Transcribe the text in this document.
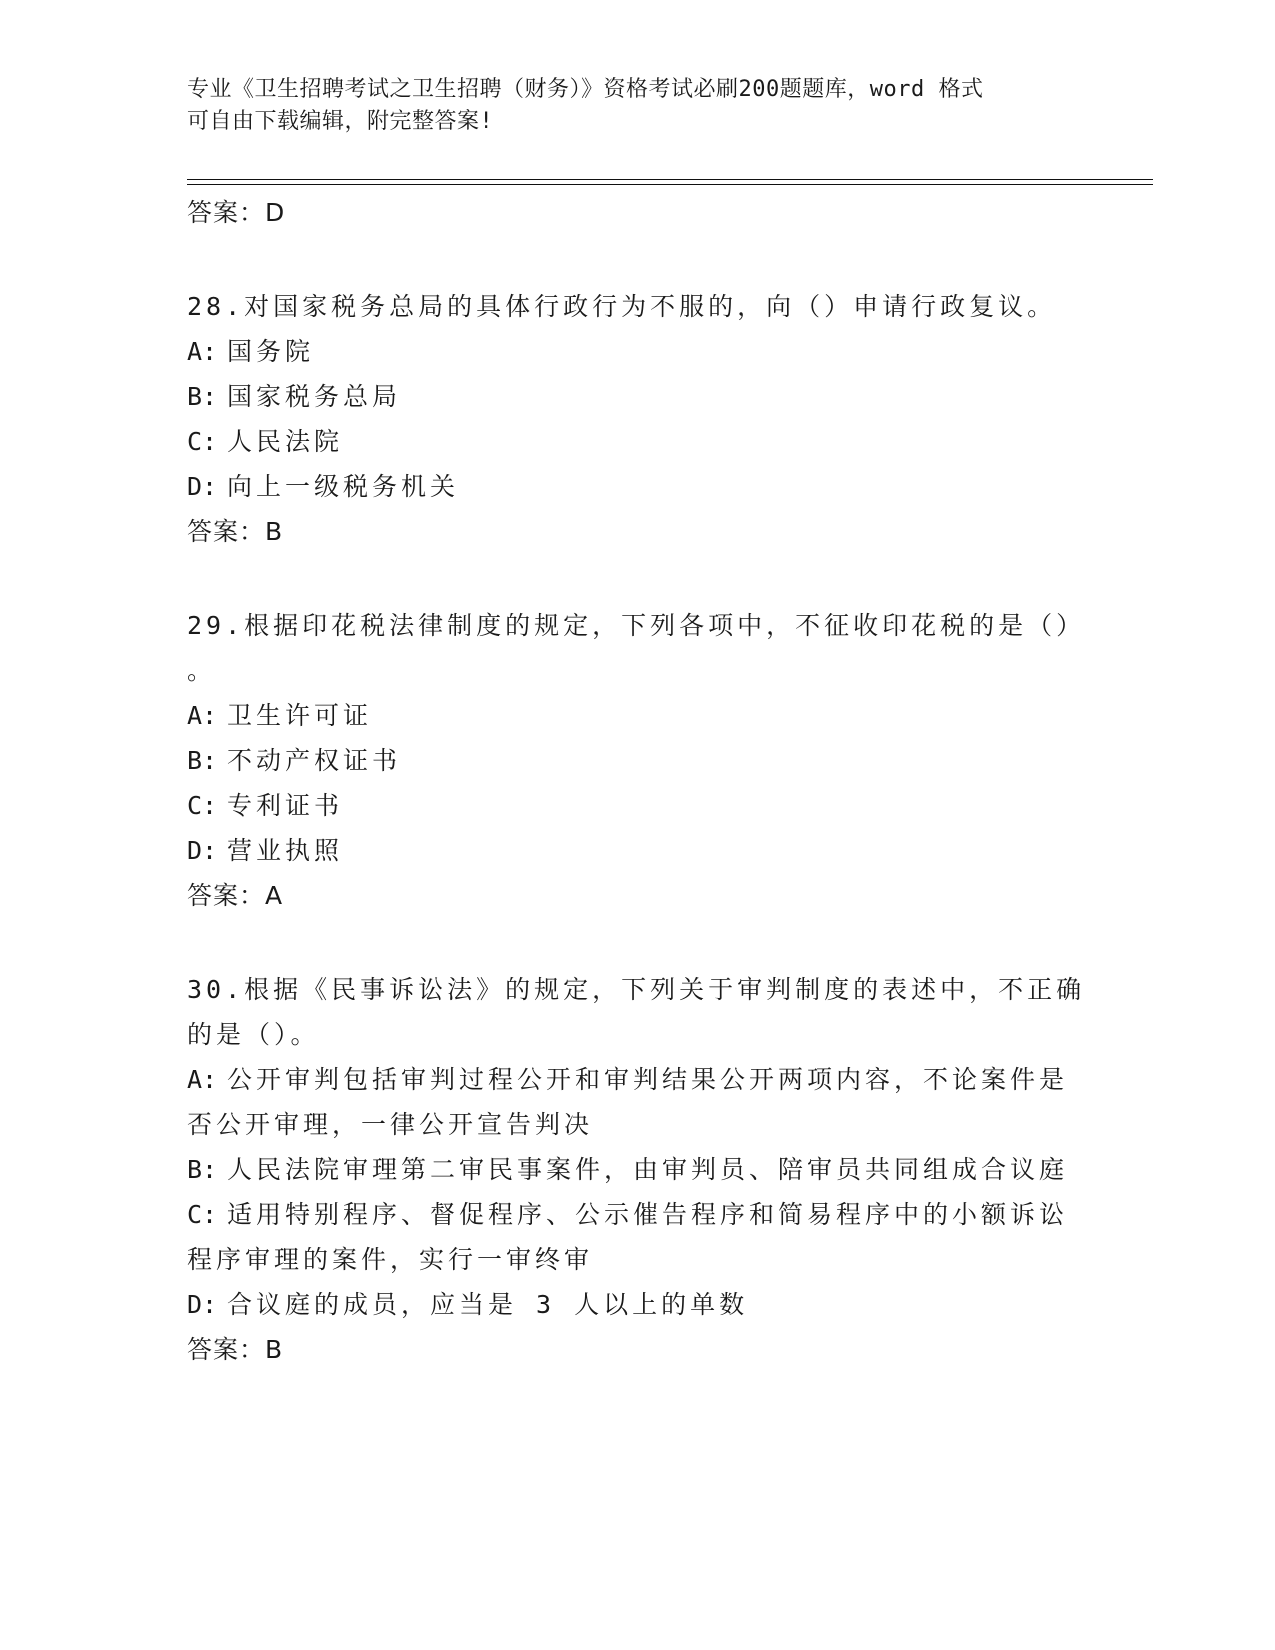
专业《卫生招聘考试之卫生招聘（财务）》资格考试必刷200题题库，word 格式
可自由下载编辑，附完整答案!
答案：D
28.对国家税务总局的具体行政行为不服的，向（）申请行政复议。
A: 国务院
B: 国家税务总局
C: 人民法院
D: 向上一级税务机关
答案：B
29.根据印花税法律制度的规定，下列各项中，不征收印花税的是（）
。
A: 卫生许可证
B: 不动产权证书
C: 专利证书
D: 营业执照
答案：A
30.根据《民事诉讼法》的规定，下列关于审判制度的表述中，不正确
的是（）。
A: 公开审判包括审判过程公开和审判结果公开两项内容，不论案件是
否公开审理，一律公开宣告判决
B: 人民法院审理第二审民事案件，由审判员、陪审员共同组成合议庭
C: 适用特别程序、督促程序、公示催告程序和简易程序中的小额诉讼
程序审理的案件，实行一审终审
D: 合议庭的成员，应当是 3 人以上的单数
答案：B
